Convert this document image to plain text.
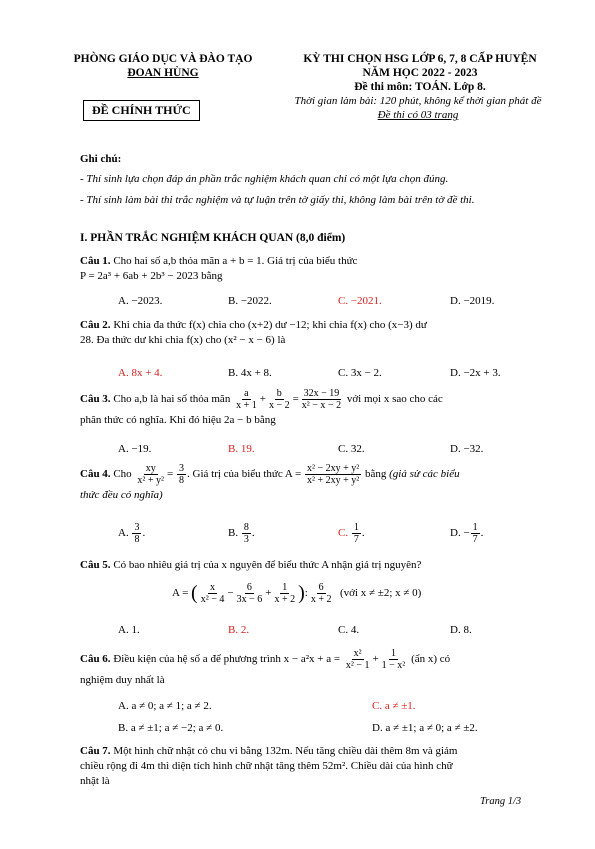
PHÒNG GIÁO DỤC VÀ ĐÀO TẠO
ĐOAN HÙNG
ĐỀ CHÍNH THỨC
KỲ THI CHỌN HSG LỚP 6, 7, 8 CẤP HUYỆN
NĂM HỌC 2022 - 2023
Đề thi môn: TOÁN. Lớp 8.
Thời gian làm bài: 120 phút, không kể thời gian phát đề
Đề thi có 03 trang
Ghi chú:
- Thí sinh lựa chọn đáp án phần trắc nghiệm khách quan chỉ có một lựa chọn đúng.
- Thí sinh làm bài thi trắc nghiệm và tự luận trên tờ giấy thi, không làm bài trên tờ đề thi.
I. PHẦN TRẮC NGHIỆM KHÁCH QUAN (8,0 điểm)
Câu 1. Cho hai số a,b thỏa mãn a + b = 1. Giá trị của biểu thức
P = 2a³ + 6ab + 2b³ − 2023 bằng
A. −2023.	B. −2022.	C. −2021.	D. −2019.
Câu 2. Khi chia đa thức f(x) chia cho (x+2) dư −12; khi chia f(x) cho (x−3) dư
28. Đa thức dư khi chia f(x) cho (x² − x − 6) là
A. 8x + 4.	B. 4x + 8.	C. 3x − 2.	D. −2x + 3.
Câu 3. Cho a,b là hai số thỏa mãn $\frac{a}{x + 1} + \frac{b}{x - 2} = \frac{32x - 19}{\text{x² − x − 2}}$ với mọi x sao cho các
phân thức có nghĩa. Khi đó hiệu 2a − b bằng
A. −19.	B. 19.	C. 32.	D. −32.
Câu 4. Cho $\frac{xy}{\text{x² + y²}} = \frac{3}{8}$ . Giá trị của biểu thức $A = \frac{\text{x² − 2xy + y²}}{\text{x² + 2xy + y²}}$ bằng (giả sử các biểu
thức đều có nghĩa)
A. $\frac{3}{8}$ .	B. $\frac{8}{3}$ .	C. $\frac{1}{7}$ .	D. − $\frac{1}{7}$ .
Câu 5. Có bao nhiêu giá trị của x nguyên để biểu thức A nhận giá trị nguyên?
A = ( $\frac{x}{\text{x² − 4}} - \frac{6}{3x - 6} + \frac{1}{x + 2}$ ): $\frac{6}{x + 2}$ (với x ≠ ±2; x ≠ 0)
A. 1.	B. 2.	C. 4.	D. 8.
Câu 6. Điều kiện của hệ số a để phương trình $x - a^2x + a = \frac{\text{x²}}{\text{x² − 1}} + \frac{1}{\text{1 − x²}}$ (ẩn x) có
nghiệm duy nhất là
A. a ≠ 0; a ≠ 1; a ≠ 2.	C. a ≠ ±1.
B. a ≠ ±1; a ≠ −2; a ≠ 0.	D. a ≠ ±1; a ≠ 0; a ≠ ±2.
Câu 7. Một hình chữ nhật có chu vi bằng 132m. Nếu tăng chiều dài thêm 8m và giảm
chiều rộng đi 4m thì diện tích hình chữ nhật tăng thêm 52m². Chiều dài của hình chữ
nhật là
Trang 1/3
